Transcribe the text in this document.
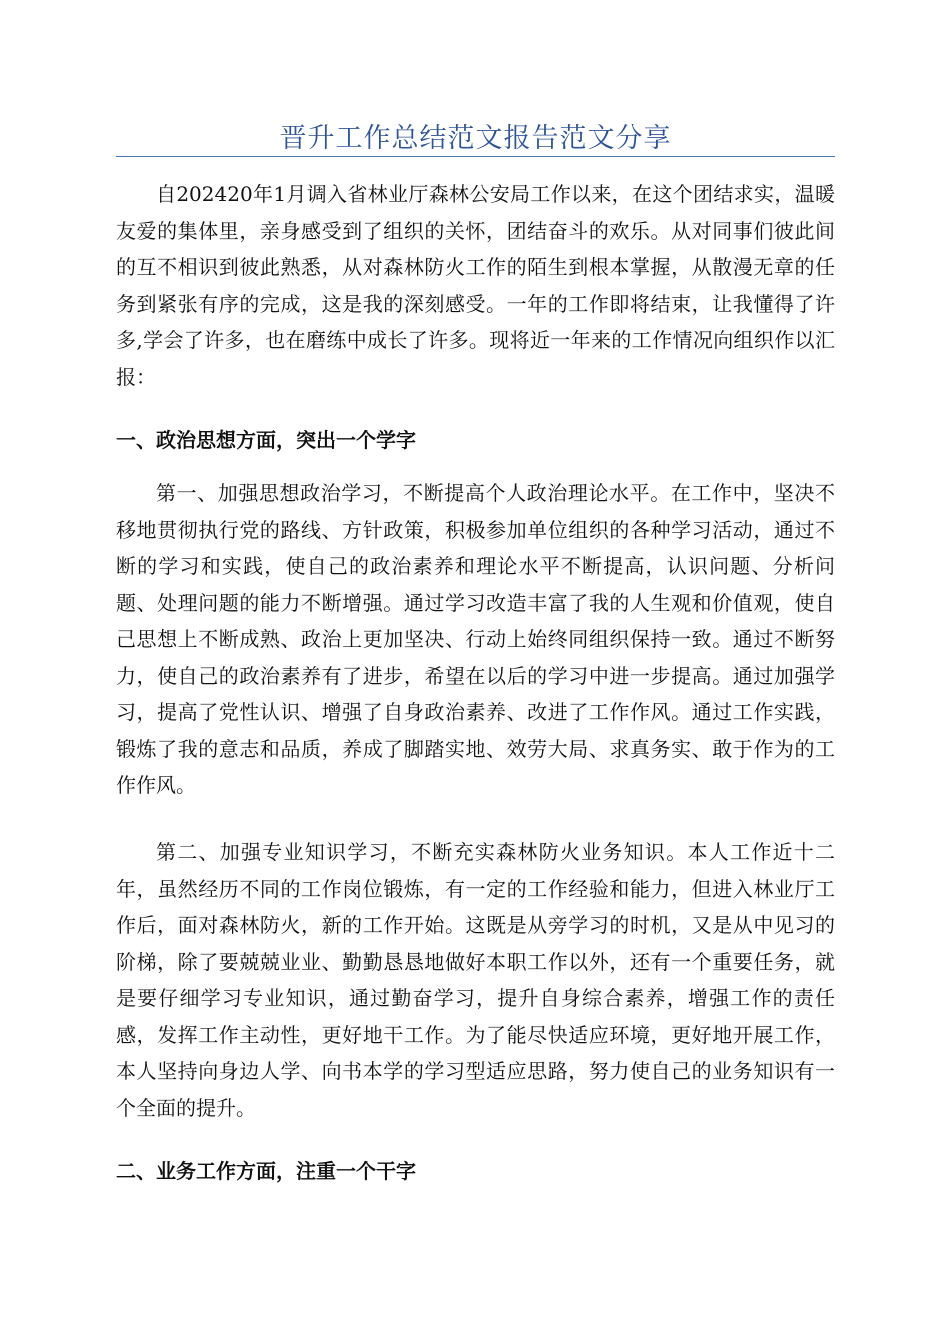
晋升工作总结范文报告范文分享

自202420年1月调入省林业厅森林公安局工作以来，在这个团结求实，温暖友爱的集体里，亲身感受到了组织的关怀，团结奋斗的欢乐。从对同事们彼此间的互不相识到彼此熟悉，从对森林防火工作的陌生到根本掌握，从散漫无章的任务到紧张有序的完成，这是我的深刻感受。一年的工作即将结束，让我懂得了许多,学会了许多，也在磨练中成长了许多。现将近一年来的工作情况向组织作以汇报：

一、政治思想方面，突出一个学字

第一、加强思想政治学习，不断提高个人政治理论水平。在工作中，坚决不移地贯彻执行党的路线、方针政策，积极参加单位组织的各种学习活动，通过不断的学习和实践，使自己的政治素养和理论水平不断提高，认识问题、分析问题、处理问题的能力不断增强。通过学习改造丰富了我的人生观和价值观，使自己思想上不断成熟、政治上更加坚决、行动上始终同组织保持一致。通过不断努力，使自己的政治素养有了进步，希望在以后的学习中进一步提高。通过加强学习，提高了党性认识、增强了自身政治素养、改进了工作作风。通过工作实践，锻炼了我的意志和品质，养成了脚踏实地、效劳大局、求真务实、敢于作为的工作作风。

第二、加强专业知识学习，不断充实森林防火业务知识。本人工作近十二年，虽然经历不同的工作岗位锻炼，有一定的工作经验和能力，但进入林业厅工作后，面对森林防火，新的工作开始。这既是从旁学习的时机，又是从中见习的阶梯，除了要兢兢业业、勤勤恳恳地做好本职工作以外，还有一个重要任务，就是要仔细学习专业知识，通过勤奋学习，提升自身综合素养，增强工作的责任感，发挥工作主动性，更好地干工作。为了能尽快适应环境，更好地开展工作，本人坚持向身边人学、向书本学的学习型适应思路，努力使自己的业务知识有一个全面的提升。

二、业务工作方面，注重一个干字
